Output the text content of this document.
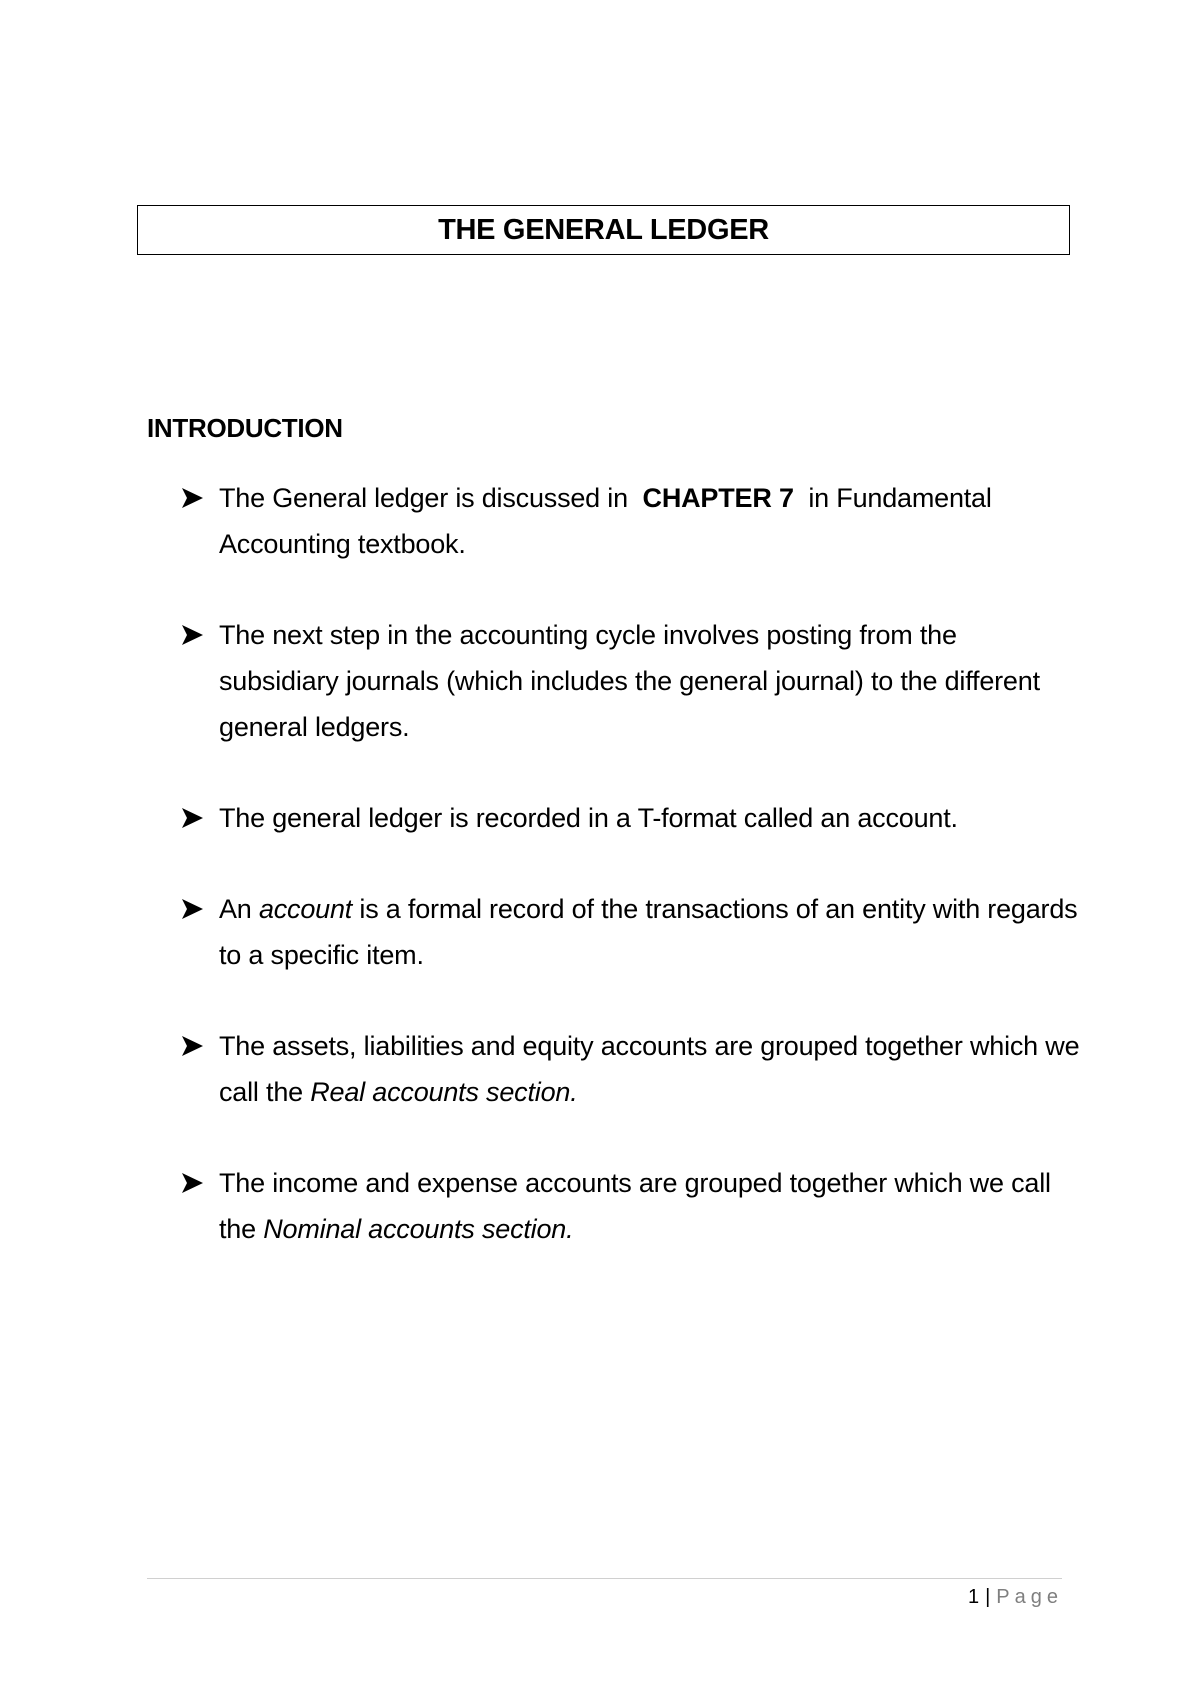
THE GENERAL LEDGER
INTRODUCTION
The General ledger is discussed in  CHAPTER 7  in Fundamental Accounting textbook.
The next step in the accounting cycle involves posting from the subsidiary journals (which includes the general journal) to the different general ledgers.
The general ledger is recorded in a T-format called an account.
An account is a formal record of the transactions of an entity with regards to a specific item.
The assets, liabilities and equity accounts are grouped together which we call the Real accounts section.
The income and expense accounts are grouped together which we call the Nominal accounts section.
1 | Page
